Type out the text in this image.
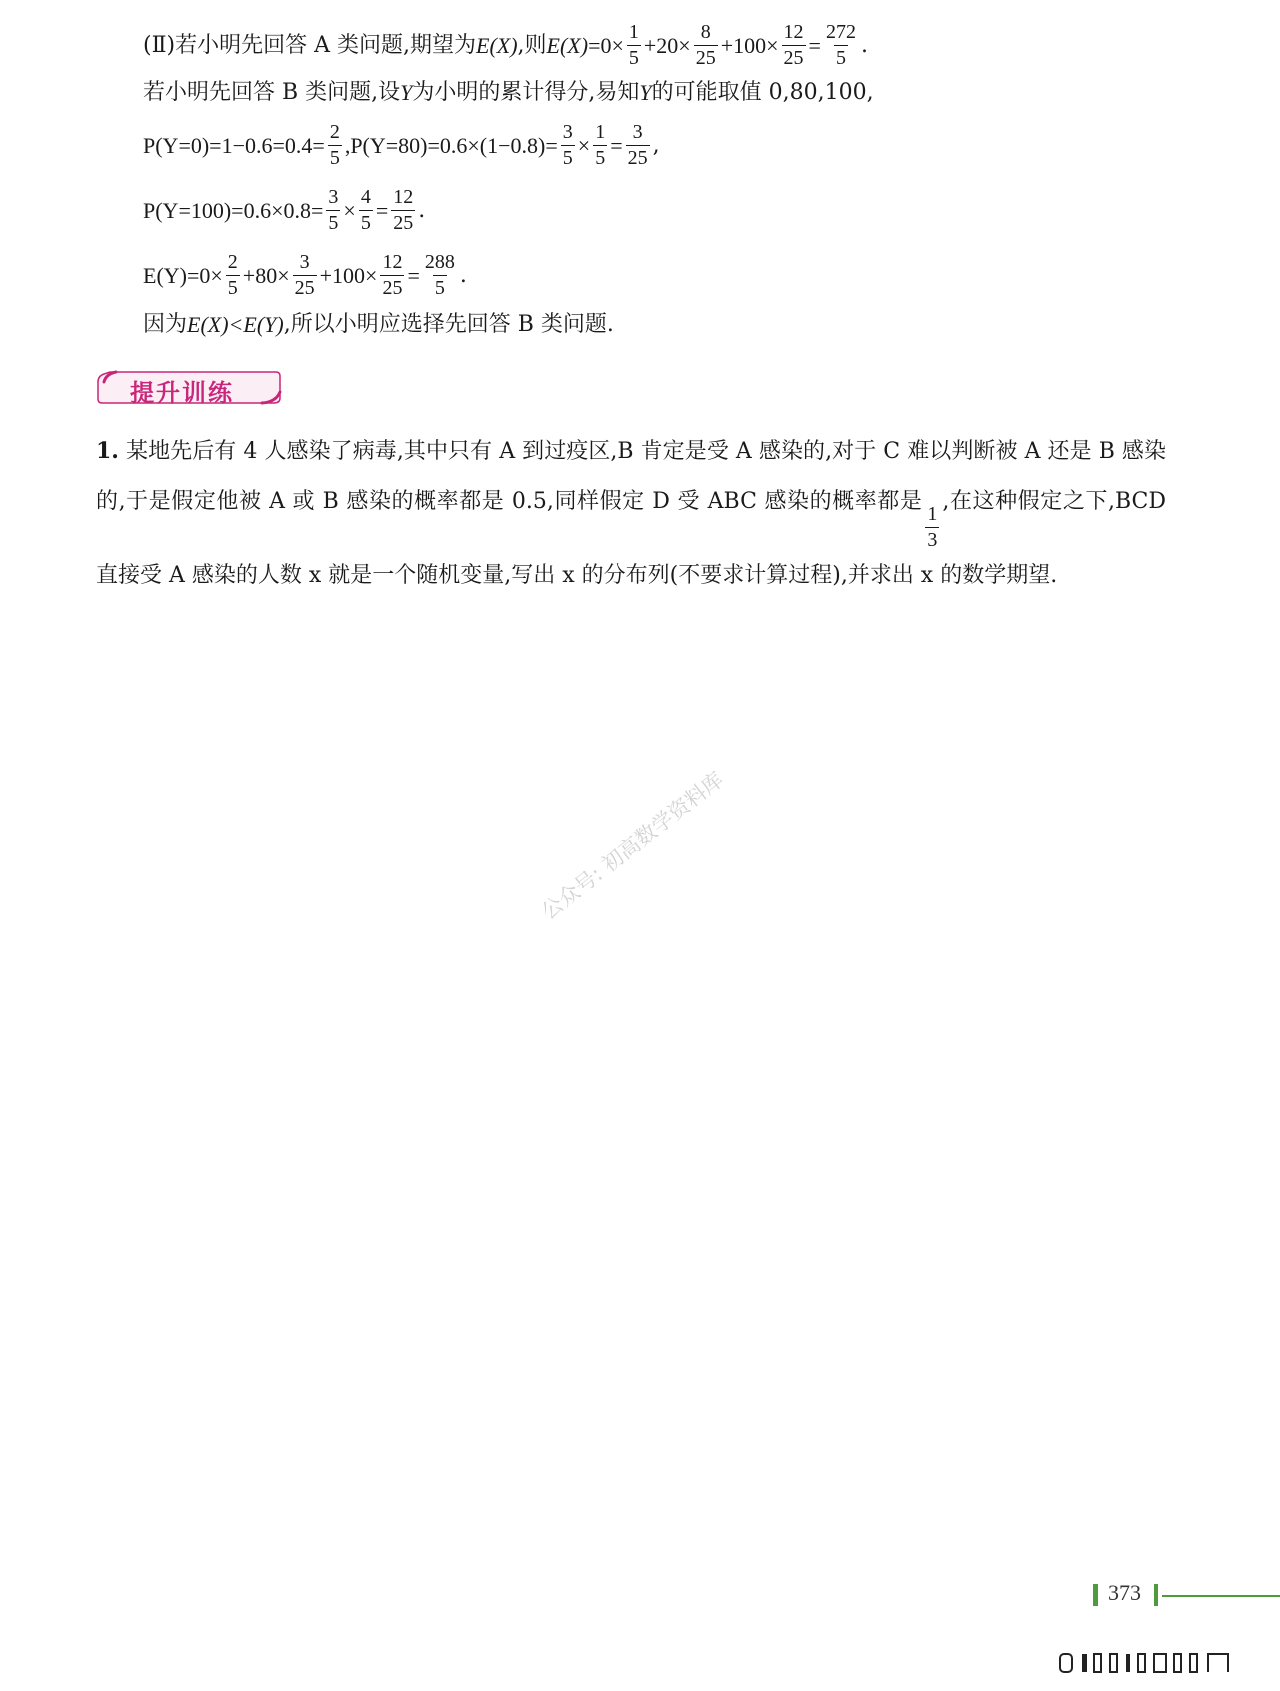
(Ⅱ)若小明先回答 A 类问题,期望为 E(X) ,则 $E(X) =0\times \frac{1}{5} +20\times \frac{8}{25} +100\times \frac{12}{25} = \frac{272}{5}$ .
若小明先回答 B 类问题,设 Y 为小明的累计得分,易知 Y 的可能取值 0,80,100,
$P(Y=0)=1-0.6=0.4= \frac{2}{5} ,P(Y=80)=0.6\times(1-0.8)= \frac{3}{5} \times \frac{1}{5} = \frac{3}{25}$ ,
$P(Y=100)=0.6\times 0.8= \frac{3}{5} \times \frac{4}{5} = \frac{12}{25}$ .
$E(Y)=0\times \frac{2}{5} +80\times \frac{3}{25} +100\times \frac{12}{25} = \frac{288}{5}$ .
因为 E(X)<E(Y) ,所以小明应选择先回答 B 类问题.
提升训练
1. 某地先后有 4 人感染了病毒,其中只有 A 到过疫区,B 肯定是受 A 感染的,对于 C 难以判断被 A 还是 B 感染的,于是假定他被 A 或 B 感染的概率都是 0.5,同样假定 D 受 ABC 感染的概率都是
$\frac{1}{3}$
,在这种假定之下,BCD 直接受 A 感染的人数 x 就是一个随机变量,写出 x 的分布列(不要求计算过程),并求出 x 的数学期望.
公众号: 初高数学资料库
373
